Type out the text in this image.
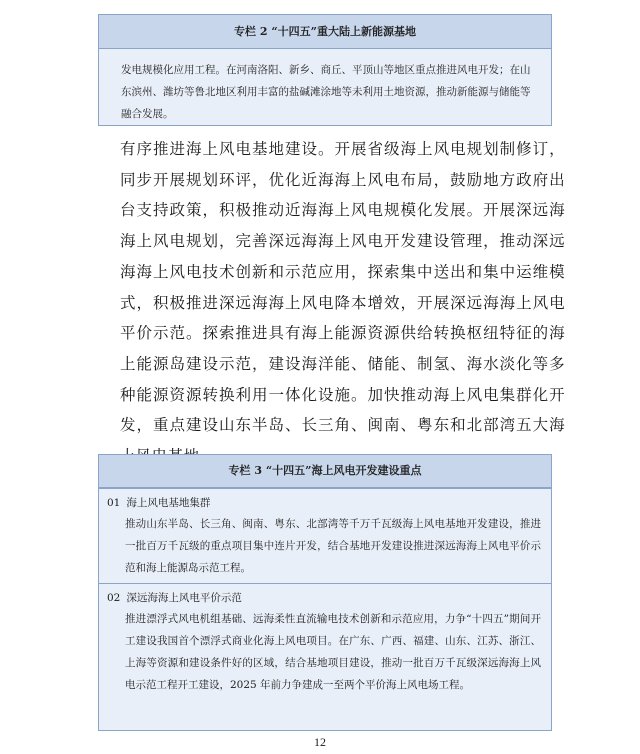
专栏 2 “十四五”重大陆上新能源基地
发电规模化应用工程。在河南洛阳、新乡、商丘、平顶山等地区重点推进风电开发；在山东滨州、潍坊等鲁北地区利用丰富的盐碱滩涂地等未利用土地资源，推动新能源与储能等融合发展。
有序推进海上风电基地建设。开展省级海上风电规划制修订，同步开展规划环评，优化近海海上风电布局，鼓励地方政府出台支持政策，积极推动近海海上风电规模化发展。开展深远海海上风电规划，完善深远海海上风电开发建设管理，推动深远海海上风电技术创新和示范应用，探索集中送出和集中运维模式，积极推进深远海海上风电降本增效，开展深远海海上风电平价示范。探索推进具有海上能源资源供给转换枢纽特征的海上能源岛建设示范，建设海洋能、储能、制氢、海水淡化等多种能源资源转换利用一体化设施。加快推动海上风电集群化开发，重点建设山东半岛、长三角、闽南、粤东和北部湾五大海
专栏 3 “十四五”海上风电开发建设重点
01 海上风电基地集群
推动山东半岛、长三角、闽南、粤东、北部湾等千万千瓦级海上风电基地开发建设，推进一批百万千瓦级的重点项目集中连片开发，结合基地开发建设推进深远海海上风电平价示范和海上能源岛示范工程。
02 深远海海上风电平价示范
推进漂浮式风电机组基础、远海柔性直流输电技术创新和示范应用，力争“十四五”期间开工建设我国首个漂浮式商业化海上风电项目。在广东、广西、福建、山东、江苏、浙江、上海等资源和建设条件好的区域，结合基地项目建设，推动一批百万千瓦级深远海海上风电示范工程开工建设，2025 年前力争建成一至两个平价海上风电场工程。
12
